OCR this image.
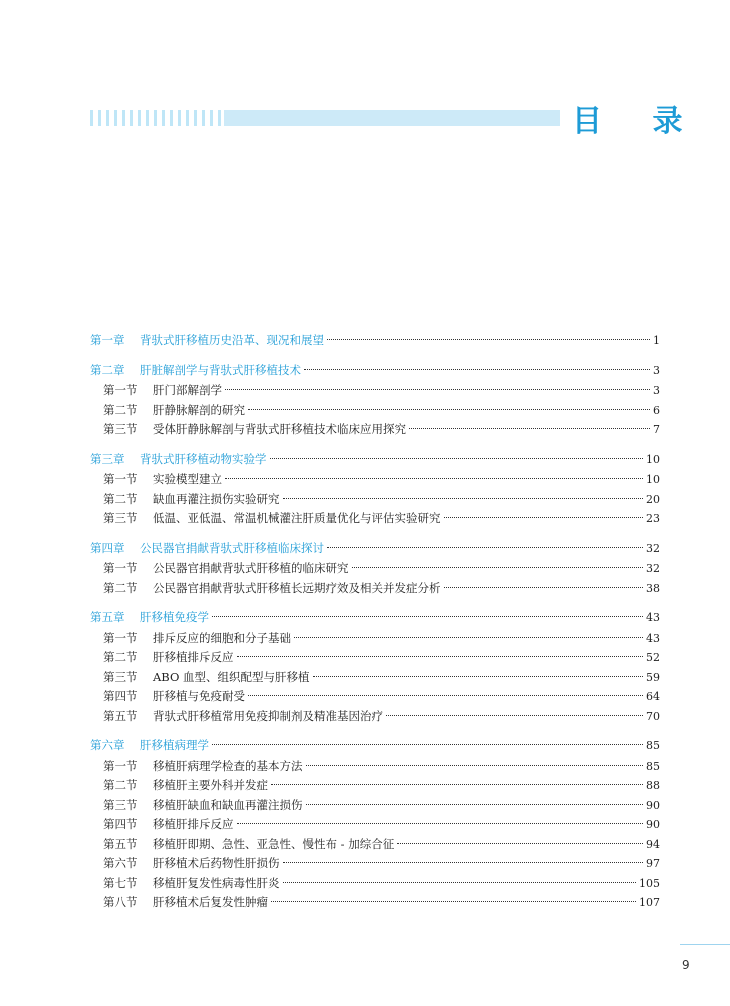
目 录
第一章	背驮式肝移植历史沿革、现况和展望	1
第二章	肝脏解剖学与背驮式肝移植技术	3
第一节	肝门部解剖学	3
第二节	肝静脉解剖的研究	6
第三节	受体肝静脉解剖与背驮式肝移植技术临床应用探究	7
第三章	背驮式肝移植动物实验学	10
第一节	实验模型建立	10
第二节	缺血再灌注损伤实验研究	20
第三节	低温、亚低温、常温机械灌注肝质量优化与评估实验研究	23
第四章	公民器官捐献背驮式肝移植临床探讨	32
第一节	公民器官捐献背驮式肝移植的临床研究	32
第二节	公民器官捐献背驮式肝移植长远期疗效及相关并发症分析	38
第五章	肝移植免疫学	43
第一节	排斥反应的细胞和分子基础	43
第二节	肝移植排斥反应	52
第三节	ABO 血型、组织配型与肝移植	59
第四节	肝移植与免疫耐受	64
第五节	背驮式肝移植常用免疫抑制剂及精准基因治疗	70
第六章	肝移植病理学	85
第一节	移植肝病理学检查的基本方法	85
第二节	移植肝主要外科并发症	88
第三节	移植肝缺血和缺血再灌注损伤	90
第四节	移植肝排斥反应	90
第五节	移植肝即期、急性、亚急性、慢性布 - 加综合征	94
第六节	肝移植术后药物性肝损伤	97
第七节	移植肝复发性病毒性肝炎	105
第八节	肝移植术后复发性肿瘤	107
9
